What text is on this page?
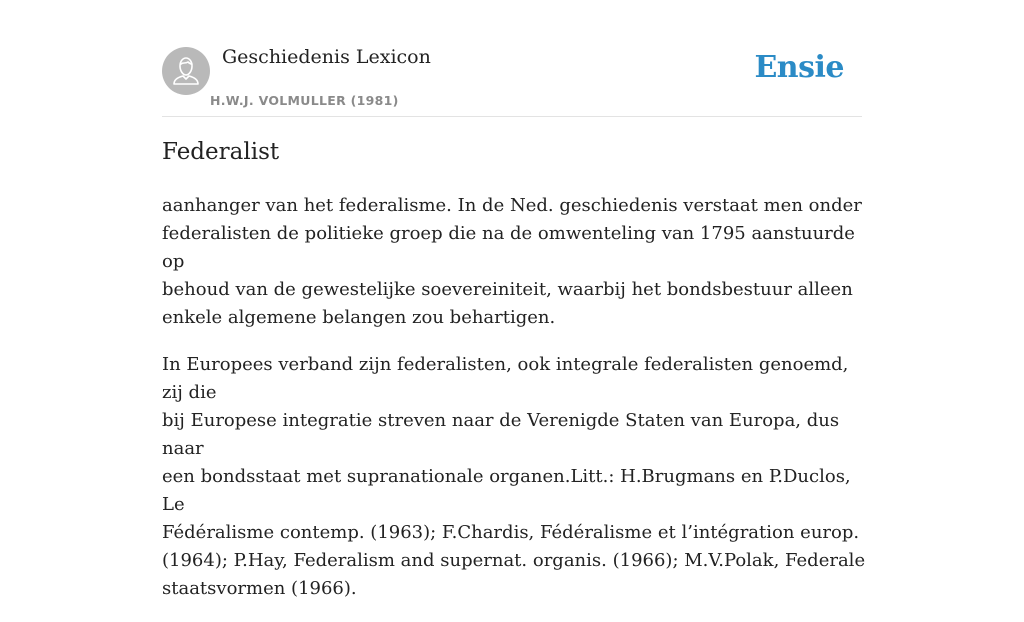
Geschiedenis Lexicon
H.W.J. VOLMULLER (1981)
Ensie
Federalist

aanhanger van het federalisme. In de Ned. geschiedenis verstaat men onder
federalisten de politieke groep die na de omwenteling van 1795 aanstuurde op
behoud van de gewestelijke soevereiniteit, waarbij het bondsbestuur alleen
enkele algemene belangen zou behartigen.

In Europees verband zijn federalisten, ook integrale federalisten genoemd, zij die
bij Europese integratie streven naar de Verenigde Staten van Europa, dus naar
een bondsstaat met supranationale organen.Litt.: H.Brugmans en P.Duclos, Le
Fédéralisme contemp. (1963); F.Chardis, Fédéralisme et l’intégration europ.
(1964); P.Hay, Federalism and supernat. organis. (1966); M.V.Polak, Federale
staatsvormen (1966).
